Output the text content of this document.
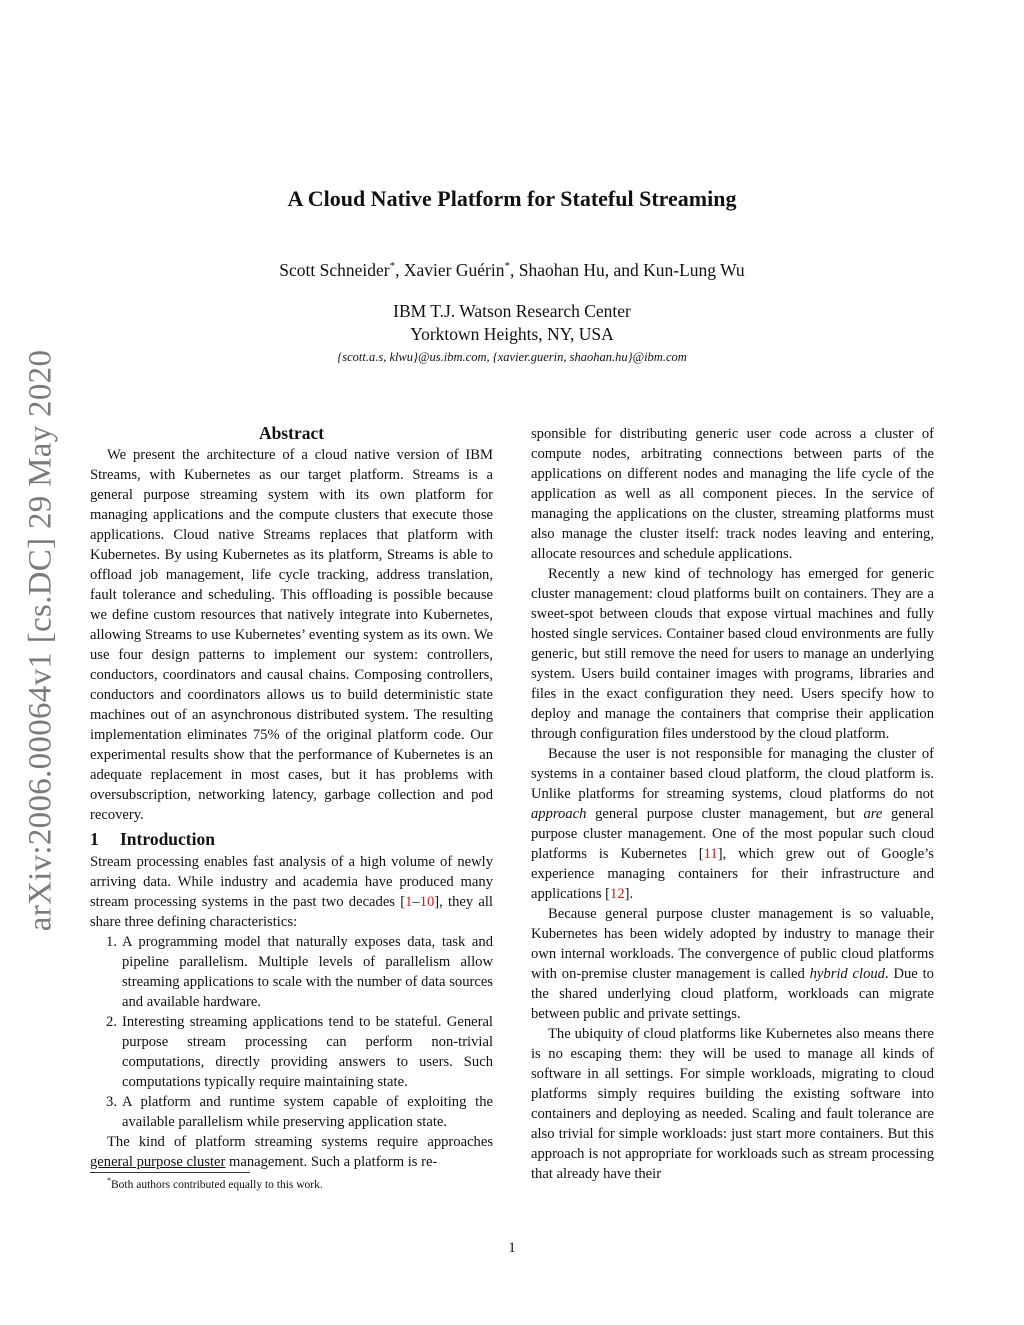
arXiv:2006.00064v1 [cs.DC] 29 May 2020
A Cloud Native Platform for Stateful Streaming
Scott Schneider*, Xavier Guérin*, Shaohan Hu, and Kun-Lung Wu
IBM T.J. Watson Research Center
Yorktown Heights, NY, USA
{scott.a.s, klwu}@us.ibm.com, {xavier.guerin, shaohan.hu}@ibm.com
Abstract

We present the architecture of a cloud native version of IBM Streams, with Kubernetes as our target platform. Streams is a general purpose streaming system with its own platform for managing applications and the compute clusters that execute those applications. Cloud native Streams replaces that platform with Kubernetes. By using Kubernetes as its platform, Streams is able to offload job management, life cycle tracking, address translation, fault tolerance and scheduling. This offloading is possible because we define custom resources that natively integrate into Kubernetes, allowing Streams to use Kubernetes’ eventing system as its own. We use four design patterns to implement our system: controllers, conductors, coordinators and causal chains. Composing controllers, conductors and coordinators allows us to build deterministic state machines out of an asynchronous distributed system. The resulting implementation eliminates 75% of the original platform code. Our experimental results show that the performance of Kubernetes is an adequate replacement in most cases, but it has problems with oversubscription, networking latency, garbage collection and pod recovery.

1	Introduction

Stream processing enables fast analysis of a high volume of newly arriving data. While industry and academia have produced many stream processing systems in the past two decades [1–10], they all share three defining characteristics:

1. A programming model that naturally exposes data, task and pipeline parallelism. Multiple levels of parallelism allow streaming applications to scale with the number of data sources and available hardware.
2. Interesting streaming applications tend to be stateful. General purpose stream processing can perform non-trivial computations, directly providing answers to users. Such computations typically require maintaining state.
3. A platform and runtime system capable of exploiting the available parallelism while preserving application state.

The kind of platform streaming systems require approaches general purpose cluster management. Such a platform is re-

*Both authors contributed equally to this work.

sponsible for distributing generic user code across a cluster of compute nodes, arbitrating connections between parts of the applications on different nodes and managing the life cycle of the application as well as all component pieces. In the service of managing the applications on the cluster, streaming platforms must also manage the cluster itself: track nodes leaving and entering, allocate resources and schedule applications.

Recently a new kind of technology has emerged for generic cluster management: cloud platforms built on containers. They are a sweet-spot between clouds that expose virtual machines and fully hosted single services. Container based cloud environments are fully generic, but still remove the need for users to manage an underlying system. Users build container images with programs, libraries and files in the exact configuration they need. Users specify how to deploy and manage the containers that comprise their application through configuration files understood by the cloud platform.

Because the user is not responsible for managing the cluster of systems in a container based cloud platform, the cloud platform is. Unlike platforms for streaming systems, cloud platforms do not approach general purpose cluster management, but are general purpose cluster management. One of the most popular such cloud platforms is Kubernetes [11], which grew out of Google’s experience managing containers for their infrastructure and applications [12].

Because general purpose cluster management is so valuable, Kubernetes has been widely adopted by industry to manage their own internal workloads. The convergence of public cloud platforms with on-premise cluster management is called hybrid cloud. Due to the shared underlying cloud platform, workloads can migrate between public and private settings.

The ubiquity of cloud platforms like Kubernetes also means there is no escaping them: they will be used to manage all kinds of software in all settings. For simple workloads, migrating to cloud platforms simply requires building the existing software into containers and deploying as needed. Scaling and fault tolerance are also trivial for simple workloads: just start more containers. But this approach is not appropriate for workloads such as stream processing that already have their

1
